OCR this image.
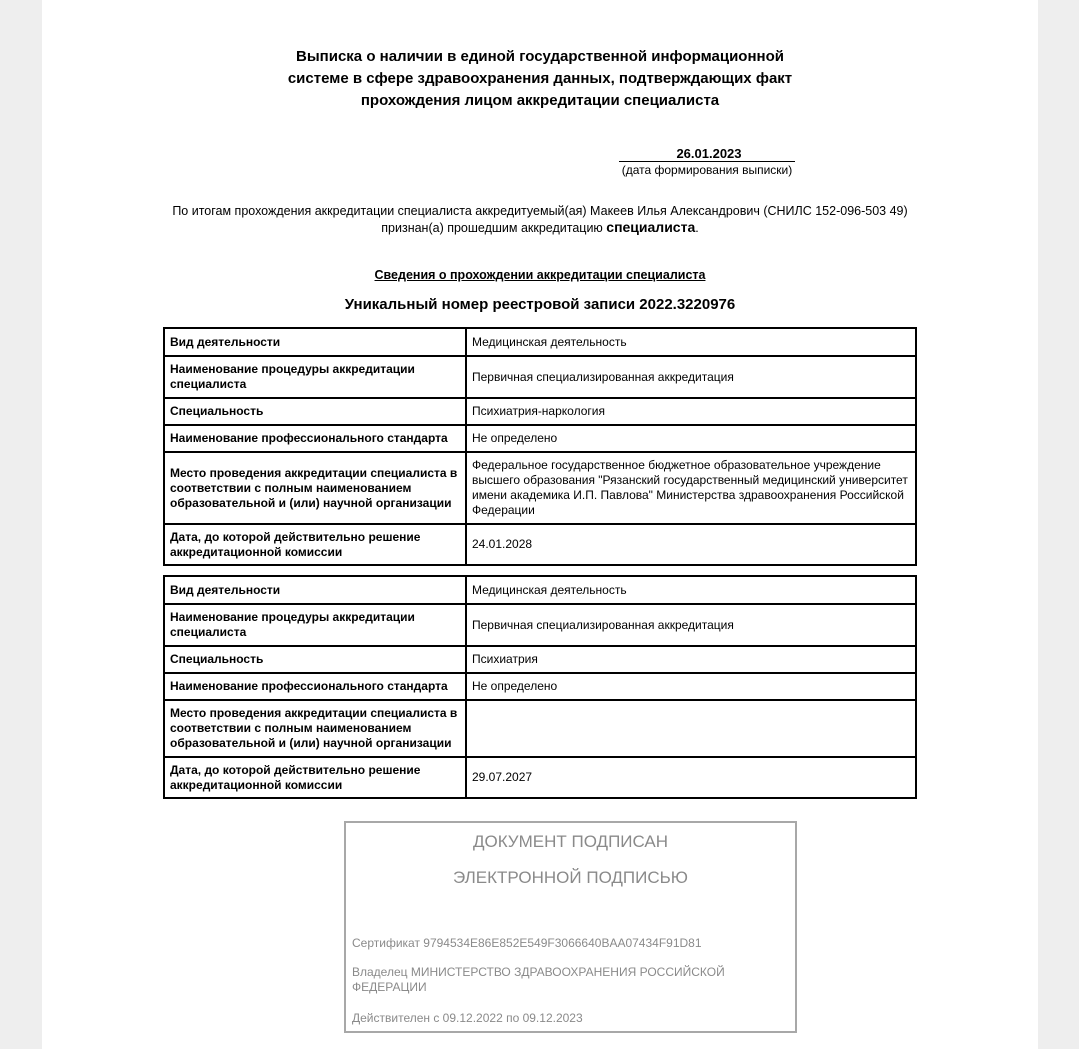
Выписка о наличии в единой государственной информационной
системе в сфере здравоохранения данных, подтверждающих факт
прохождения лицом аккредитации специалиста
26.01.2023
(дата формирования выписки)
По итогам прохождения аккредитации специалиста аккредитуемый(ая) Макеев Илья Александрович (СНИЛС 152-096-503 49)
признан(а) прошедшим аккредитацию специалиста.
Сведения о прохождении аккредитации специалиста
Уникальный номер реестровой записи 2022.3220976
Вид деятельности	Медицинская деятельность
Наименование процедуры аккредитации специалиста	Первичная специализированная аккредитация
Специальность	Психиатрия-наркология
Наименование профессионального стандарта	Не определено
Место проведения аккредитации специалиста в соответствии с полным наименованием образовательной и (или) научной организации	Федеральное государственное бюджетное образовательное учреждение высшего образования "Рязанский государственный медицинский университет имени академика И.П. Павлова" Министерства здравоохранения Российской Федерации
Дата, до которой действительно решение аккредитационной комиссии	24.01.2028
Вид деятельности	Медицинская деятельность
Наименование процедуры аккредитации специалиста	Первичная специализированная аккредитация
Специальность	Психиатрия
Наименование профессионального стандарта	Не определено
Место проведения аккредитации специалиста в соответствии с полным наименованием образовательной и (или) научной организации	
Дата, до которой действительно решение аккредитационной комиссии	29.07.2027
ДОКУМЕНТ ПОДПИСАН
ЭЛЕКТРОННОЙ ПОДПИСЬЮ
Сертификат 9794534E86E852E549F3066640BAA07434F91D81
Владелец МИНИСТЕРСТВО ЗДРАВООХРАНЕНИЯ РОССИЙСКОЙ ФЕДЕРАЦИИ
Действителен с 09.12.2022 по 09.12.2023
